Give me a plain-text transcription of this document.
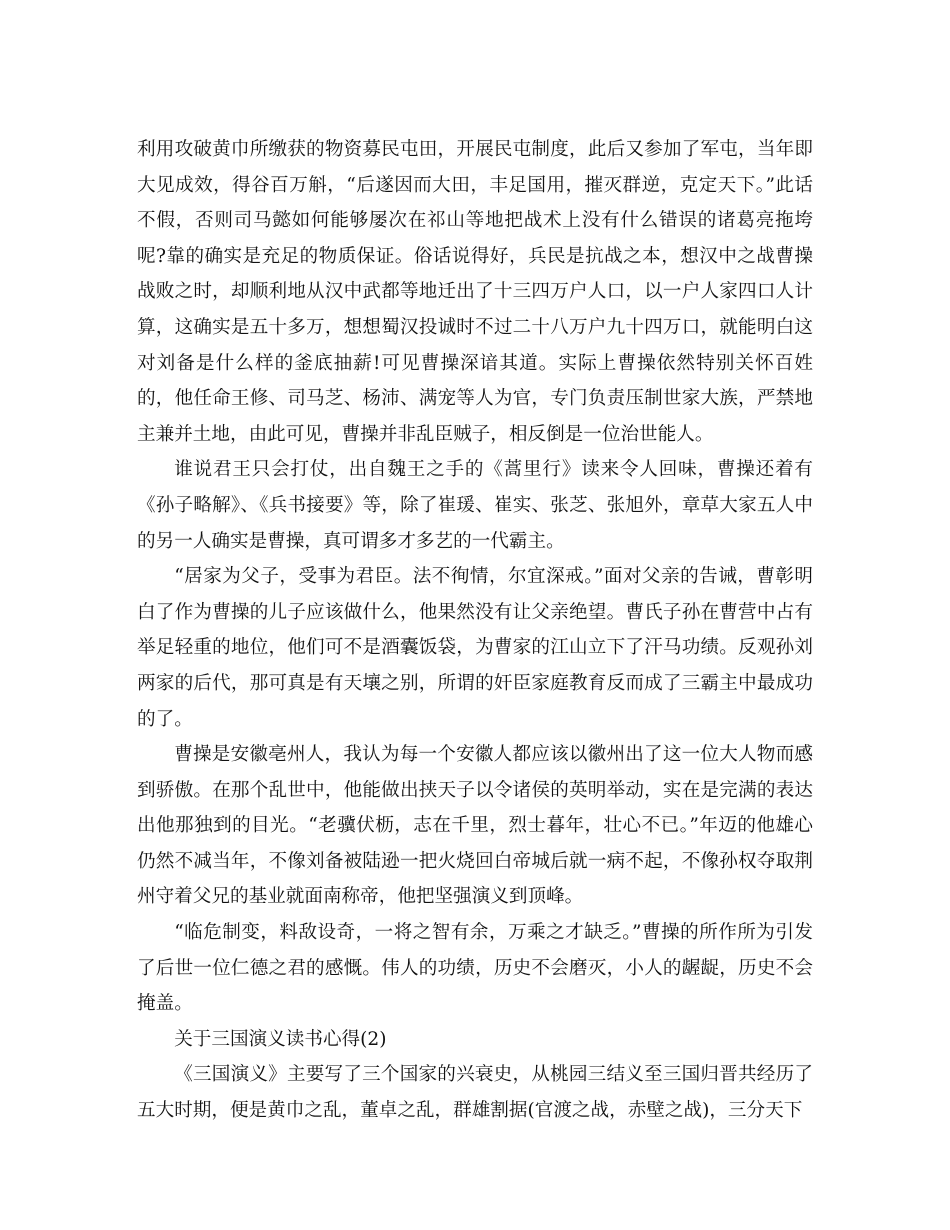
利用攻破黄巾所缴获的物资募民屯田，开展民屯制度，此后又参加了军屯，当年即大见成效，得谷百万斛，“后遂因而大田，丰足国用，摧灭群逆，克定天下。”此话不假，否则司马懿如何能够屡次在祁山等地把战术上没有什么错误的诸葛亮拖垮呢?靠的确实是充足的物质保证。俗话说得好，兵民是抗战之本，想汉中之战曹操战败之时，却顺利地从汉中武都等地迁出了十三四万户人口，以一户人家四口人计算，这确实是五十多万，想想蜀汉投诚时不过二十八万户九十四万口，就能明白这对刘备是什么样的釜底抽薪!可见曹操深谙其道。实际上曹操依然特别关怀百姓的，他任命王修、司马芝、杨沛、满宠等人为官，专门负责压制世家大族，严禁地主兼并土地，由此可见，曹操并非乱臣贼子，相反倒是一位治世能人。

谁说君王只会打仗，出自魏王之手的《蒿里行》读来令人回味，曹操还着有《孙子略解》、《兵书接要》等，除了崔瑗、崔实、张芝、张旭外，章草大家五人中的另一人确实是曹操，真可谓多才多艺的一代霸主。

“居家为父子，受事为君臣。法不徇情，尔宜深戒。”面对父亲的告诫，曹彰明白了作为曹操的儿子应该做什么，他果然没有让父亲绝望。曹氏子孙在曹营中占有举足轻重的地位，他们可不是酒囊饭袋，为曹家的江山立下了汗马功绩。反观孙刘两家的后代，那可真是有天壤之别，所谓的奸臣家庭教育反而成了三霸主中最成功的了。

曹操是安徽亳州人，我认为每一个安徽人都应该以徽州出了这一位大人物而感到骄傲。在那个乱世中，他能做出挟天子以令诸侯的英明举动，实在是完满的表达出他那独到的目光。“老骥伏枥，志在千里，烈士暮年，壮心不已。”年迈的他雄心仍然不减当年，不像刘备被陆逊一把火烧回白帝城后就一病不起，不像孙权夺取荆州守着父兄的基业就面南称帝，他把坚强演义到顶峰。

“临危制变，料敌设奇，一将之智有余，万乘之才缺乏。”曹操的所作所为引发了后世一位仁德之君的感慨。伟人的功绩，历史不会磨灭，小人的龌龊，历史不会掩盖。

关于三国演义读书心得(2)

《三国演义》主要写了三个国家的兴衰史，从桃园三结义至三国归晋共经历了五大时期，便是黄巾之乱，董卓之乱，群雄割据(官渡之战，赤壁之战)，三分天下
